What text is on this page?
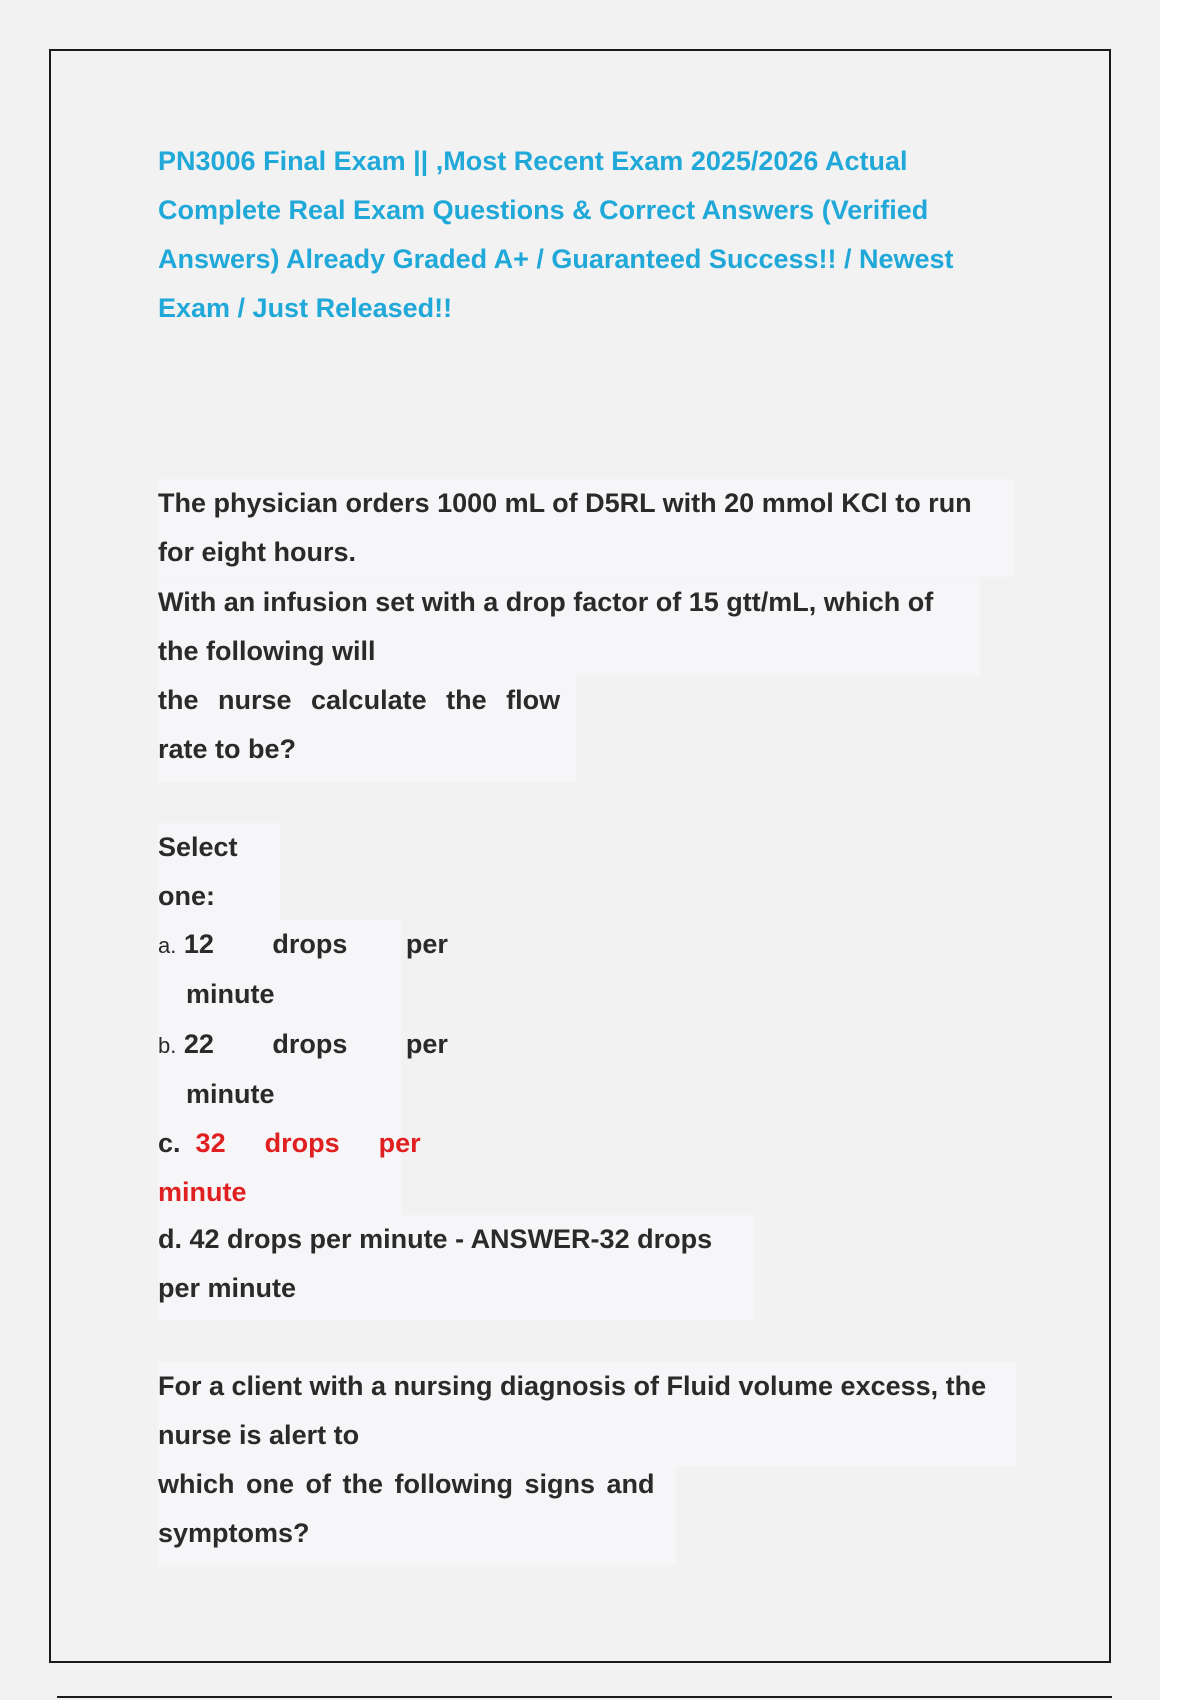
PN3006 Final Exam || ,Most Recent Exam 2025/2026 Actual
Complete Real Exam Questions & Correct Answers (Verified
Answers) Already Graded A+ / Guaranteed Success!! / Newest
Exam / Just Released!!
The physician orders 1000 mL of D5RL with 20 mmol KCl to run
for eight hours.
With an infusion set with a drop factor of 15 gtt/mL, which of
the following will
the nurse calculate the flow
rate to be?
Select
one:
a. 12   drops   per
minute
b. 22   drops   per
minute
c. 32  drops  per
minute
d. 42 drops per minute - ANSWER-32 drops
per minute
For a client with a nursing diagnosis of Fluid volume excess, the
nurse is alert to
which one of the following signs and
symptoms?
